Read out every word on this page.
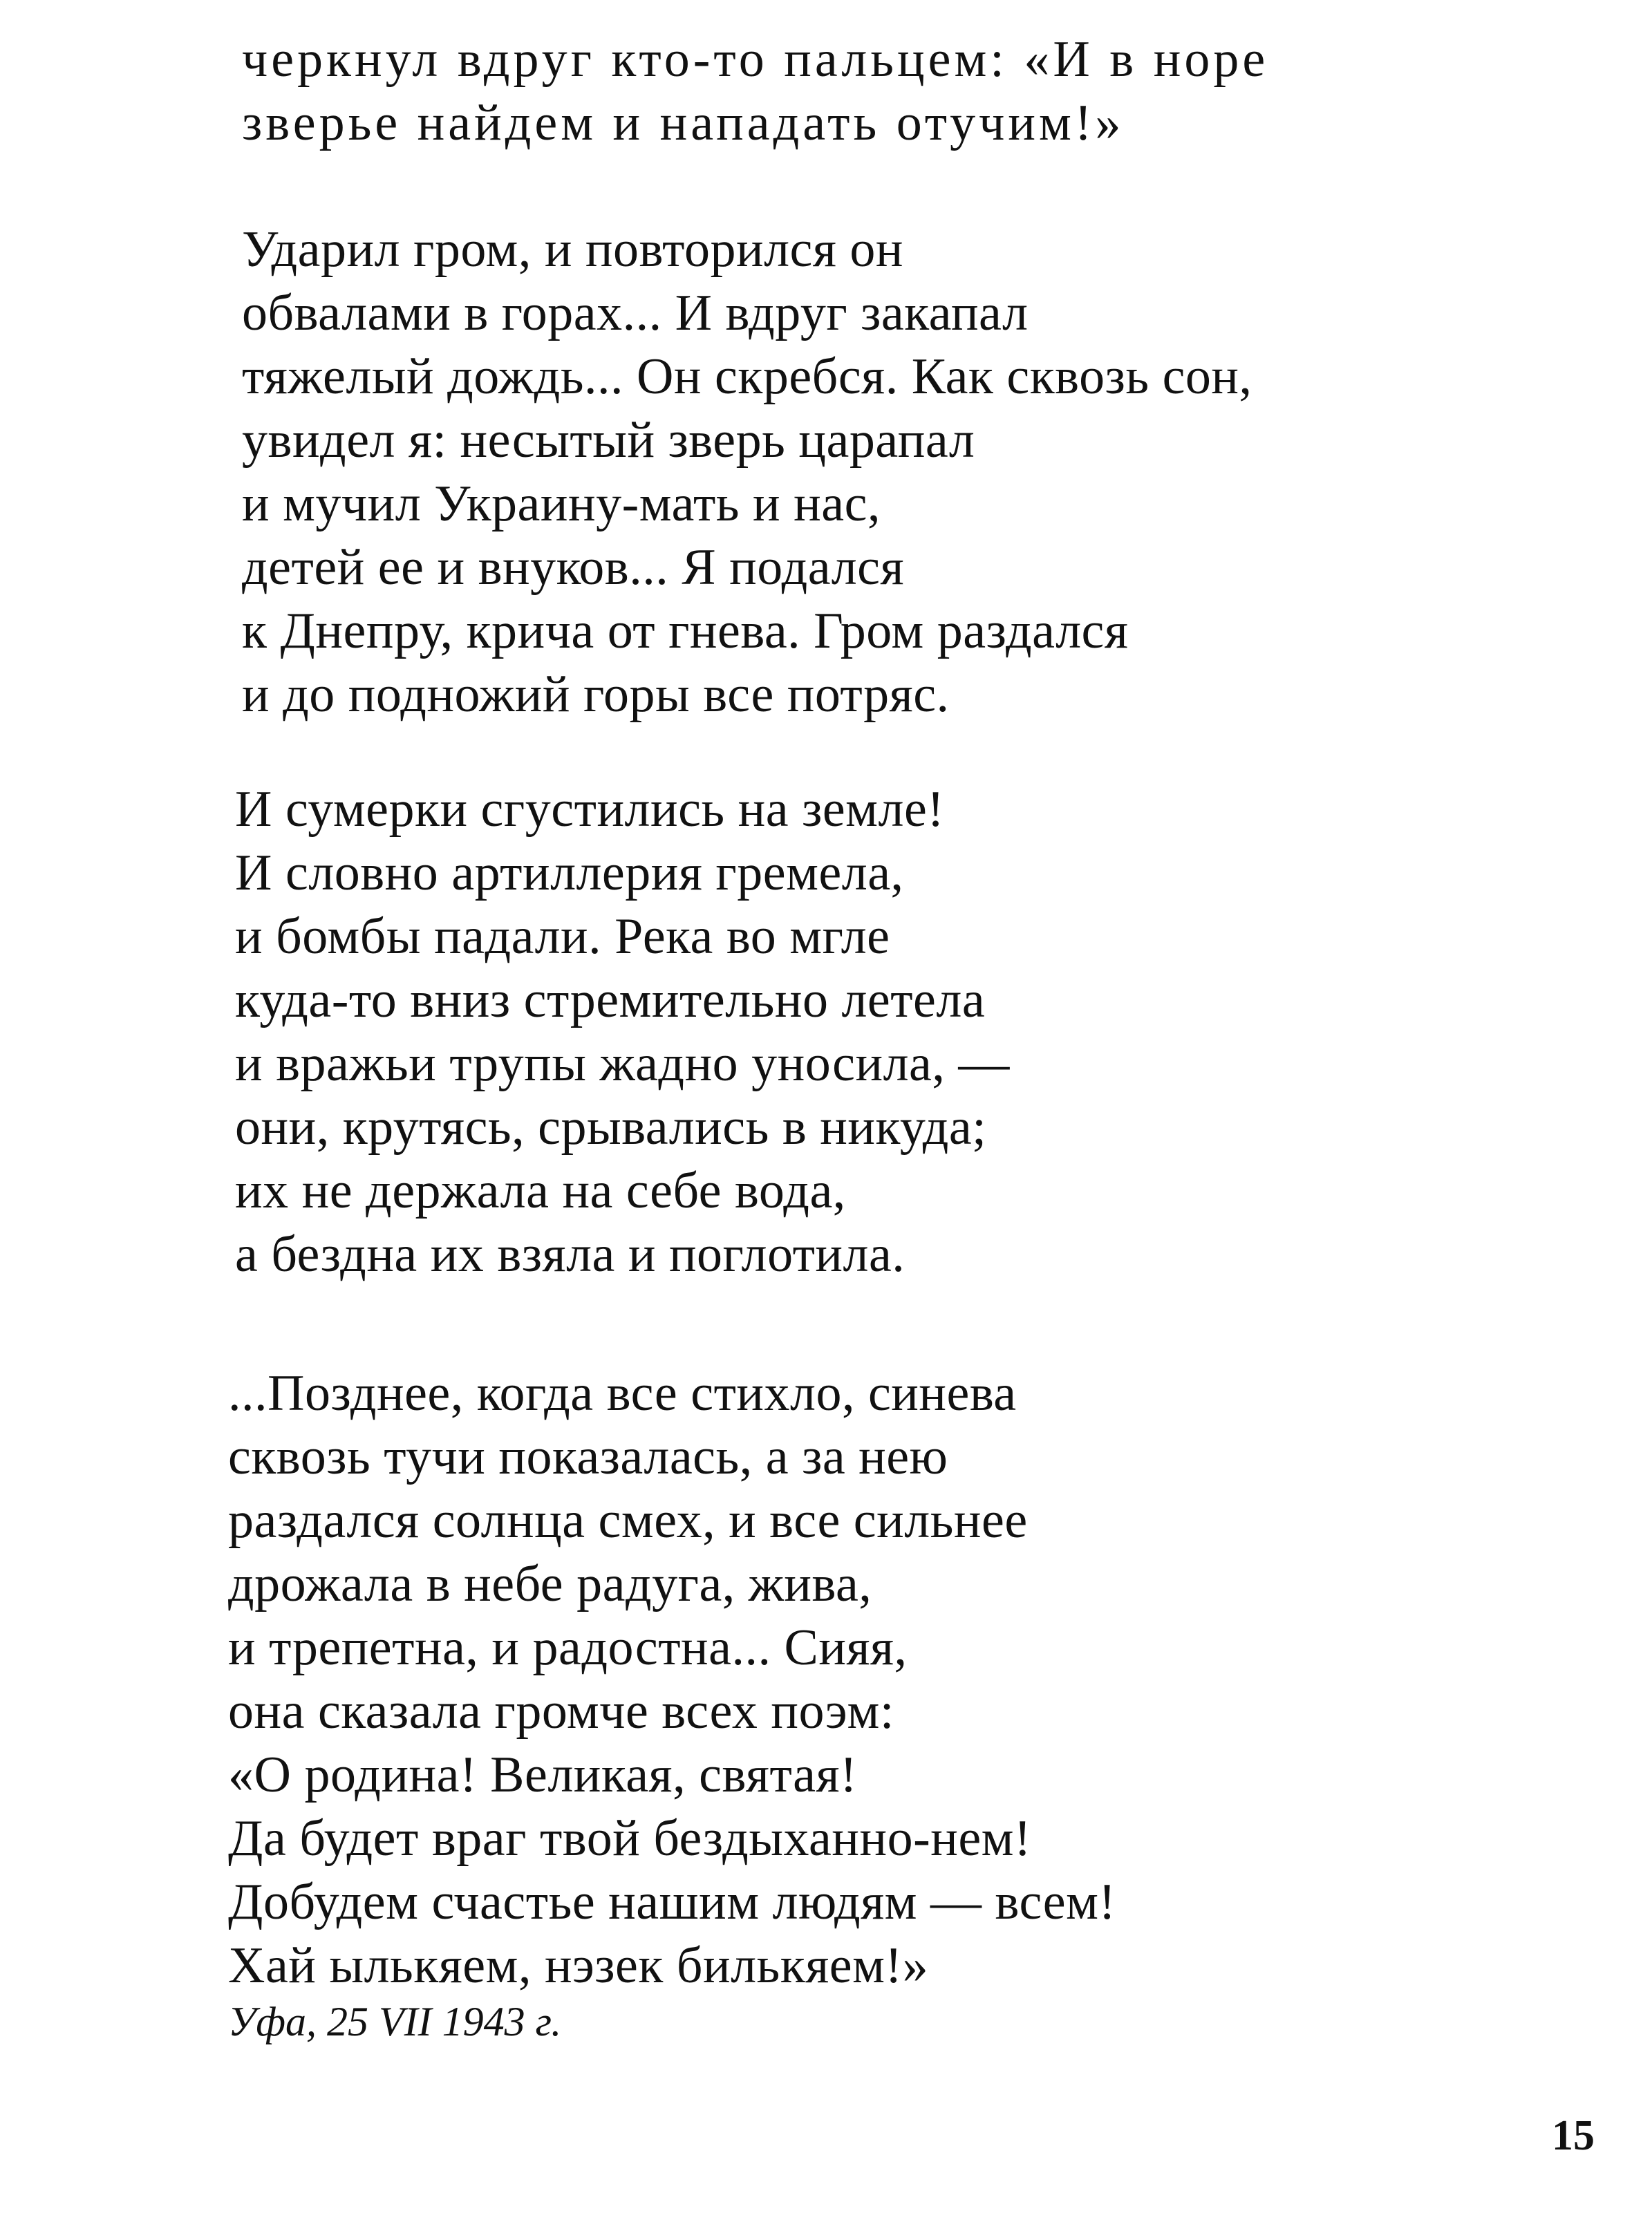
черкнул вдруг кто-то пальцем: «И в норе
зверье найдем и нападать отучим!»
Ударил гром, и повторился он
обвалами в горах... И вдруг закапал
тяжелый дождь... Он скребся. Как сквозь сон,
увидел я: несытый зверь царапал
и мучил Украину-мать и нас,
детей ее и внуков... Я подался
к Днепру, крича от гнева. Гром раздался
и до подножий горы все потряс.
И сумерки сгустились на земле!
И словно артиллерия гремела,
и бомбы падали. Река во мгле
куда-то вниз стремительно летела
и вражьи трупы жадно уносила, —
они, крутясь, срывались в никуда;
их не держала на себе вода,
а бездна их взяла и поглотила.
...Позднее, когда все стихло, синева
сквозь тучи показалась, а за нею
раздался солнца смех, и все сильнее
дрожала в небе радуга, жива,
и трепетна, и радостна... Сияя,
она сказала громче всех поэм:
«О родина! Великая, святая!
Да будет враг твой бездыханно-нем!
Добудем счастье нашим людям — всем!
Хай ылькяем, нэзек билькяем!»
Уфа, 25 VII 1943 г.
15
